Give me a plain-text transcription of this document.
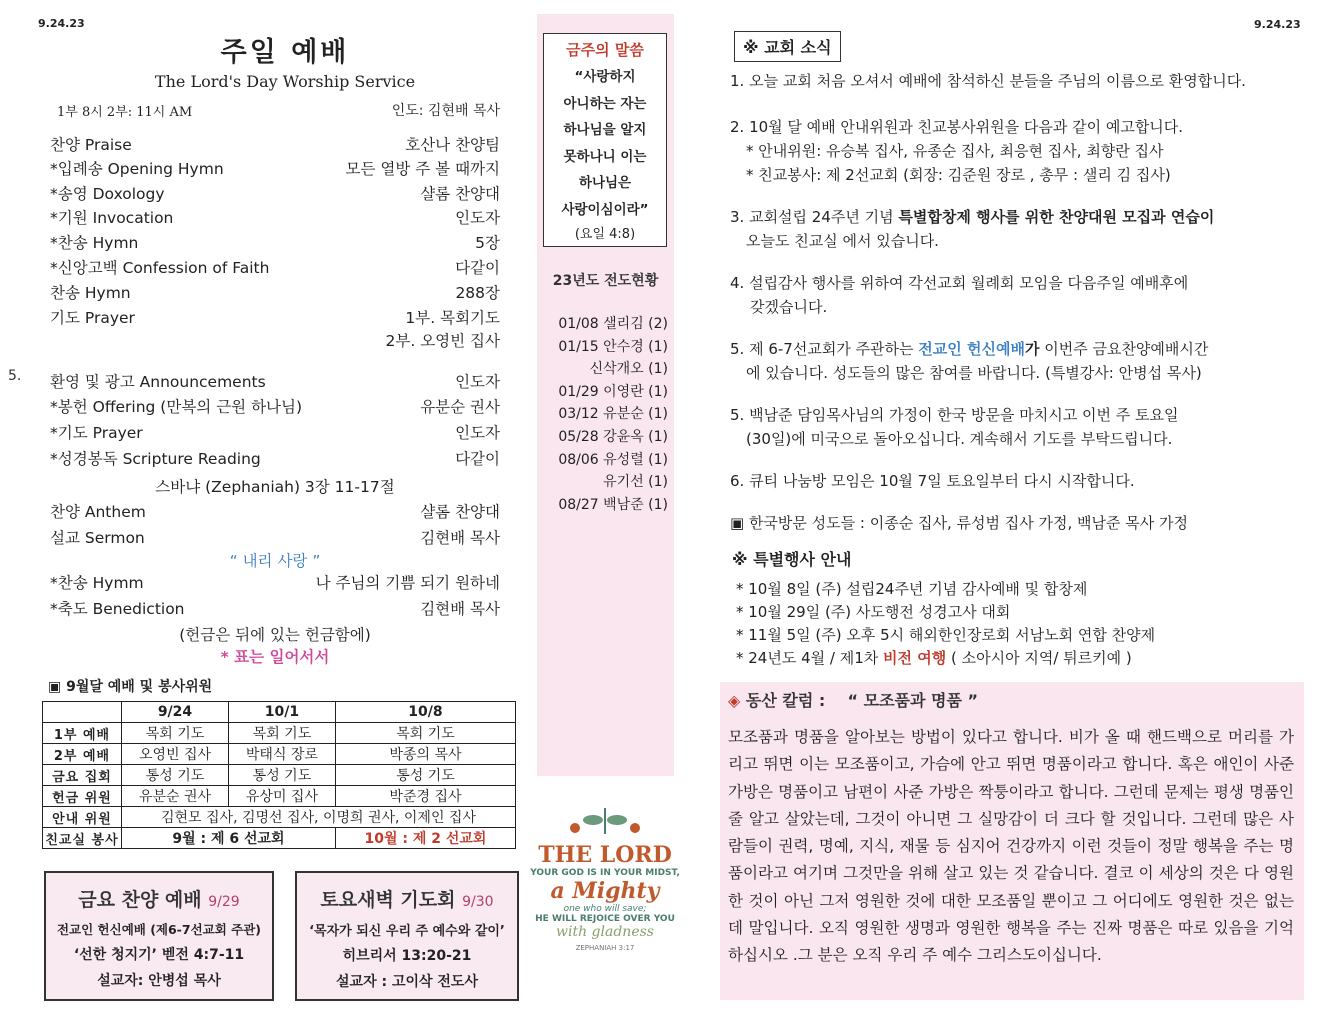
9.24.23	9.24.23
주일 예배
The Lord's Day Worship Service
1부 8시 2부: 11시 AM	인도: 김현배 목사
5.
찬양 Praise	호산나 찬양팀
*입례송 Opening Hymn	모든 열방 주 볼 때까지
*송영 Doxology	샬롬 찬양대
*기원 Invocation	인도자
*찬송 Hymn	5장
*신앙고백 Confession of Faith	다같이
찬송 Hymn	288장
기도 Prayer	1부. 목회기도
2부. 오영빈 집사
환영 및 광고 Announcements	인도자
*봉헌 Offering (만복의 근원 하나님)	유분순 권사
*기도 Prayer	인도자
*성경봉독 Scripture Reading	다같이
스바냐 (Zephaniah) 3장 11-17절
찬양 Anthem	샬롬 찬양대
설교 Sermon	김현배 목사
“ 내리 사랑 ”
*찬송 Hymm	나 주님의 기쁨 되기 원하네
*축도 Benediction	김현배 목사
(헌금은 뒤에 있는 헌금함에)
* 표는 일어서서
▣ 9월달 예배 및 봉사위원
	9/24	10/1	10/8
1부 예배	목회 기도	목회 기도	목회 기도
2부 예배	오영빈 집사	박태식 장로	박종의 목사
금요 집회	통성 기도	통성 기도	통성 기도
헌금 위원	유분순 권사	유상미 집사	박준경 집사
안내 위원	김현모 집사, 김명선 집사, 이명희 권사, 이제인 집사		
친교실 봉사	9월 : 제 6 선교회		10월 : 제 2 선교회
금요 찬양 예배 9/29
전교인 헌신예배 (제6-7선교회 주관)
‘선한 청지기’ 벧전 4:7-11
설교자: 안병섭 목사
토요새벽 기도회 9/30
‘목자가 되신 우리 주 예수와 같이’
히브리서 13:20-21
설교자 : 고이삭 전도사
금주의 말씀
“사랑하지
아니하는 자는
하나님을 알지
못하나니 이는
하나님은
사랑이심이라”
(요일 4:8)
23년도 전도현황
01/08 샐리김 (2)
01/15 안수경 (1)
신삭개오 (1)
01/29 이영란 (1)
03/12 유분순 (1)
05/28 강윤옥 (1)
08/06 유성렬 (1)
유기선 (1)
08/27 백남준 (1)
THE LORD
YOUR GOD IS IN YOUR MIDST,
a Mighty
one who will save;
HE WILL REJOICE OVER YOU
with gladness
ZEPHANIAH 3:17
※ 교회 소식
1. 오늘 교회 처음 오셔서 예배에 참석하신 분들을 주님의 이름으로 환영합니다.
2. 10월 달 예배 안내위원과 친교봉사위원을 다음과 같이 예고합니다.
* 안내위원: 유승복 집사, 유종순 집사, 최응현 집사, 최향란 집사
* 친교봉사: 제 2선교회 (회장: 김준원 장로 , 총무 : 샐리 김 집사)
3. 교회설립 24주년 기념 특별합창제 행사를 위한 찬양대원 모집과 연습이
오늘도 친교실 에서 있습니다.
4. 설립감사 행사를 위하여 각선교회 월례회 모임을 다음주일 예배후에
갖겠습니다.
5. 제 6-7선교회가 주관하는 전교인 헌신예배가 이번주 금요찬양예배시간
에 있습니다. 성도들의 많은 참여를 바랍니다. (특별강사: 안병섭 목사)
5. 백남준 담임목사님의 가정이 한국 방문을 마치시고 이번 주 토요일
(30일)에 미국으로 돌아오십니다. 계속해서 기도를 부탁드립니다.
6. 큐티 나눔방 모임은 10월 7일 토요일부터 다시 시작합니다.
▣ 한국방문 성도들 : 이종순 집사, 류성범 집사 가정, 백남준 목사 가정
※ 특별행사 안내
* 10월 8일 (주) 설립24주년 기념 감사예배 및 합창제
* 10월 29일 (주) 사도행전 성경고사 대회
* 11월 5일 (주) 오후 5시 해외한인장로회 서남노회 연합 찬양제
* 24년도 4월 / 제1차 비전 여행 ( 소아시아 지역/ 튀르키예 )
◈ 동산 칼럼 : “ 모조품과 명품 ”
모조품과 명품을 알아보는 방법이 있다고 합니다. 비가 올 때 핸드백으로 머리를 가리고 뛰면 이는 모조품이고, 가슴에 안고 뛰면 명품이라고 합니다. 혹은 애인이 사준 가방은 명품이고 남편이 사준 가방은 짝퉁이라고 합니다. 그런데 문제는 평생 명품인줄 알고 살았는데, 그것이 아니면 그 실망감이 더 크다 할 것입니다. 그런데 많은 사람들이 권력, 명예, 지식, 재물 등 심지어 건강까지 이런 것들이 정말 행복을 주는 명품이라고 여기며 그것만을 위해 살고 있는 것 같습니다. 결코 이 세상의 것은 다 영원한 것이 아닌 그저 영원한 것에 대한 모조품일 뿐이고 그 어디에도 영원한 것은 없는데 말입니다. 오직 영원한 생명과 영원한 행복을 주는 진짜 명품은 따로 있음을 기억하십시오 .그 분은 오직 우리 주 예수 그리스도이십니다.
